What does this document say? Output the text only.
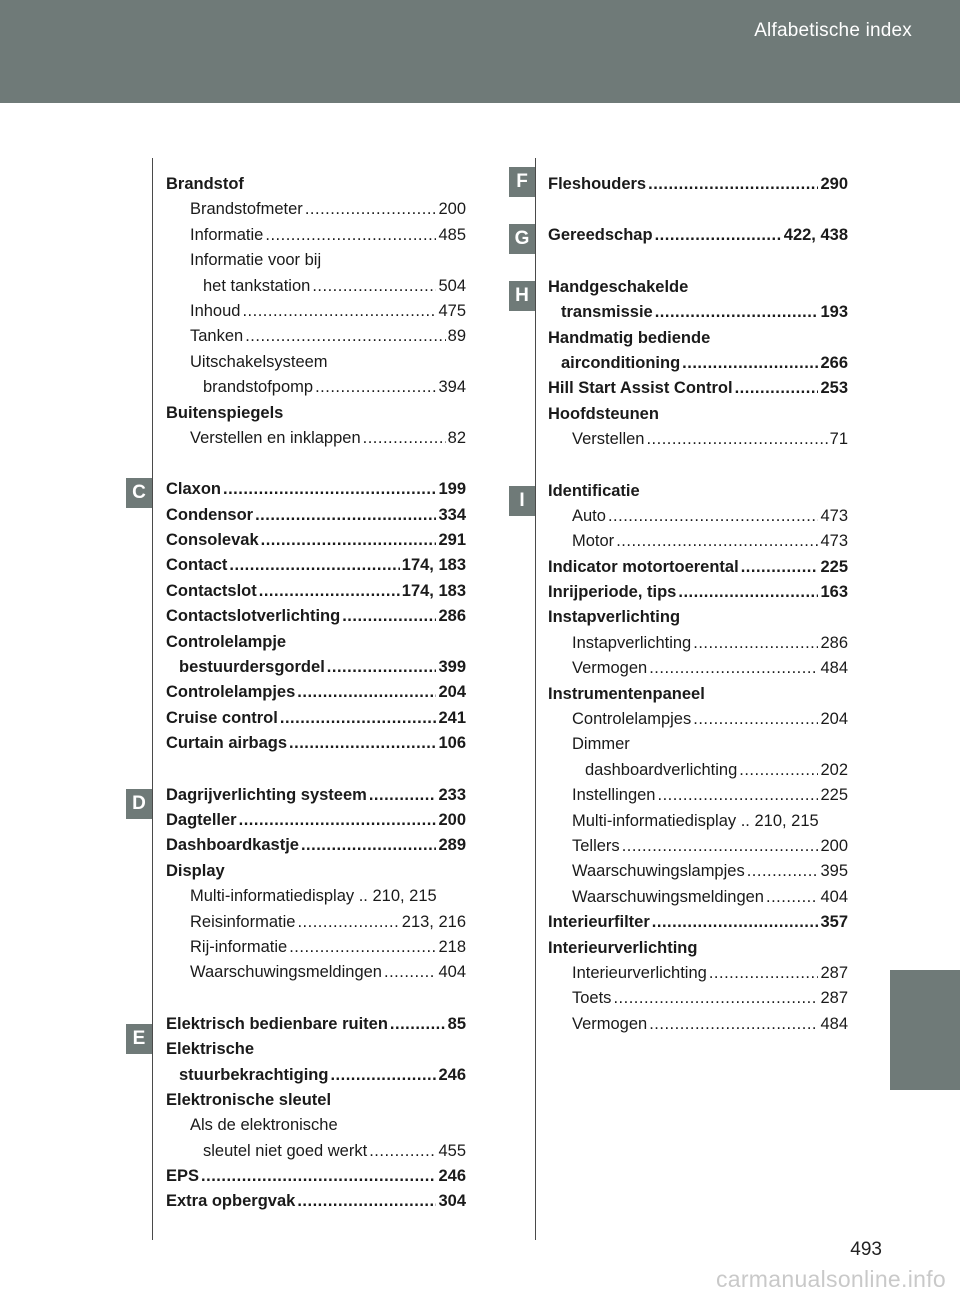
Alfabetische index
C
D
E
F
G
H
I
Brandstof
Brandstofmeter .....	200
Informatie .....	485
Informatie voor bij
het tankstation .....	504
Inhoud .....	475
Tanken .....	89
Uitschakelsysteem
brandstofpomp .....	394
Buitenspiegels
Verstellen en inklappen .....	82
Claxon .....	199
Condensor .....	334
Consolevak .....	291
Contact .....	174, 183
Contactslot .....	174, 183
Contactslotverlichting .....	286
Controlelampje
bestuurdersgordel .....	399
Controlelampjes .....	204
Cruise control .....	241
Curtain airbags .....	106
Dagrijverlichting systeem .....	233
Dagteller .....	200
Dashboardkastje .....	289
Display
Multi-informatiedisplay .. 210, 215
Reisinformatie .....	213, 216
Rij-informatie .....	218
Waarschuwingsmeldingen .....	404
Elektrisch bedienbare ruiten .....	85
Elektrische
stuurbekrachtiging .....	246
Elektronische sleutel
Als de elektronische
sleutel niet goed werkt .....	455
EPS .....	246
Extra opbergvak .....	304
Fleshouders .....	290
Gereedschap .....	422, 438
Handgeschakelde
transmissie .....	193
Handmatig bediende
airconditioning .....	266
Hill Start Assist Control .....	253
Hoofdsteunen
Verstellen .....	71
Identificatie
Auto .....	473
Motor .....	473
Indicator motortoerental .....	225
Inrijperiode, tips .....	163
Instapverlichting
Instapverlichting .....	286
Vermogen .....	484
Instrumentenpaneel
Controlelampjes .....	204
Dimmer
dashboardverlichting .....	202
Instellingen .....	225
Multi-informatiedisplay .. 210, 215
Tellers .....	200
Waarschuwingslampjes .....	395
Waarschuwingsmeldingen .....	404
Interieurfilter .....	357
Interieurverlichting
Interieurverlichting .....	287
Toets .....	287
Vermogen .....	484
493
carmanualsonline.info
